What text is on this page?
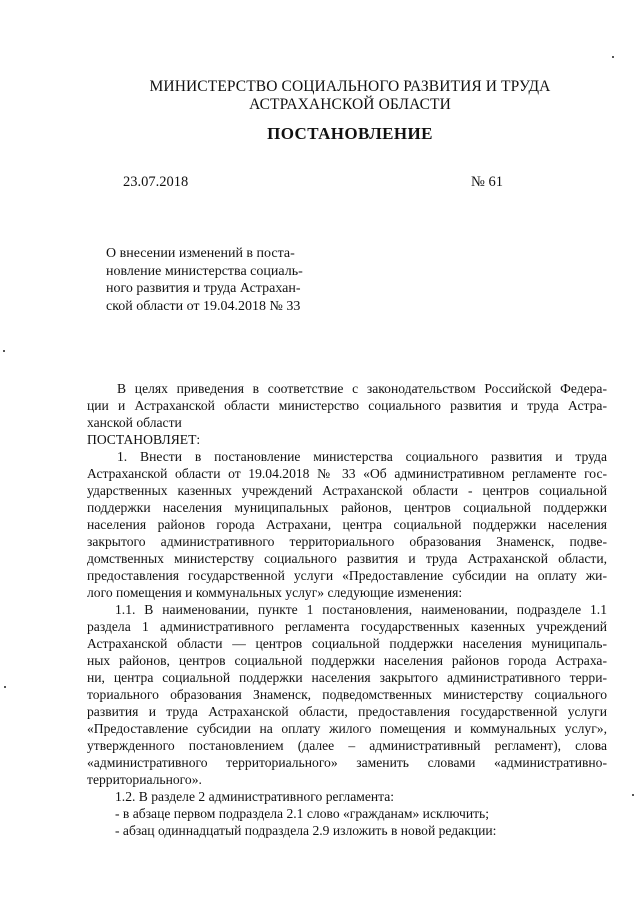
МИНИСТЕРСТВО СОЦИАЛЬНОГО РАЗВИТИЯ И ТРУДА
АСТРАХАНСКОЙ ОБЛАСТИ
ПОСТАНОВЛЕНИЕ
23.07.2018	№ 61
О внесении изменений в поста-
новление министерства социаль-
ного развития и труда Астрахан-
ской области от 19.04.2018 № 33
В целях приведения в соответствие с законодательством Российской Федера-
ции и Астраханской области министерство социального развития и труда Астра-
ханской области
ПОСТАНОВЛЯЕТ:
1. Внести в постановление министерства социального развития и труда
Астраханской области от 19.04.2018 № 33 «Об административном регламенте гос-
ударственных казенных учреждений Астраханской области - центров социальной
поддержки населения муниципальных районов, центров социальной поддержки
населения районов города Астрахани, центра социальной поддержки населения
закрытого административного территориального образования Знаменск, подве-
домственных министерству социального развития и труда Астраханской области,
предоставления государственной услуги «Предоставление субсидии на оплату жи-
лого помещения и коммунальных услуг» следующие изменения:
1.1. В наименовании, пункте 1 постановления, наименовании, подразделе 1.1
раздела 1 административного регламента государственных казенных учреждений
Астраханской области — центров социальной поддержки населения муниципаль-
ных районов, центров социальной поддержки населения районов города Астраха-
ни, центра социальной поддержки населения закрытого административного терри-
ториального образования Знаменск, подведомственных министерству социального
развития и труда Астраханской области, предоставления государственной услуги
«Предоставление субсидии на оплату жилого помещения и коммунальных услуг»,
утвержденного постановлением (далее – административный регламент), слова
«административного территориального» заменить словами «административно-
территориального».
1.2. В разделе 2 административного регламента:
- в абзаце первом подраздела 2.1 слово «гражданам» исключить;
- абзац одиннадцатый подраздела 2.9 изложить в новой редакции:
